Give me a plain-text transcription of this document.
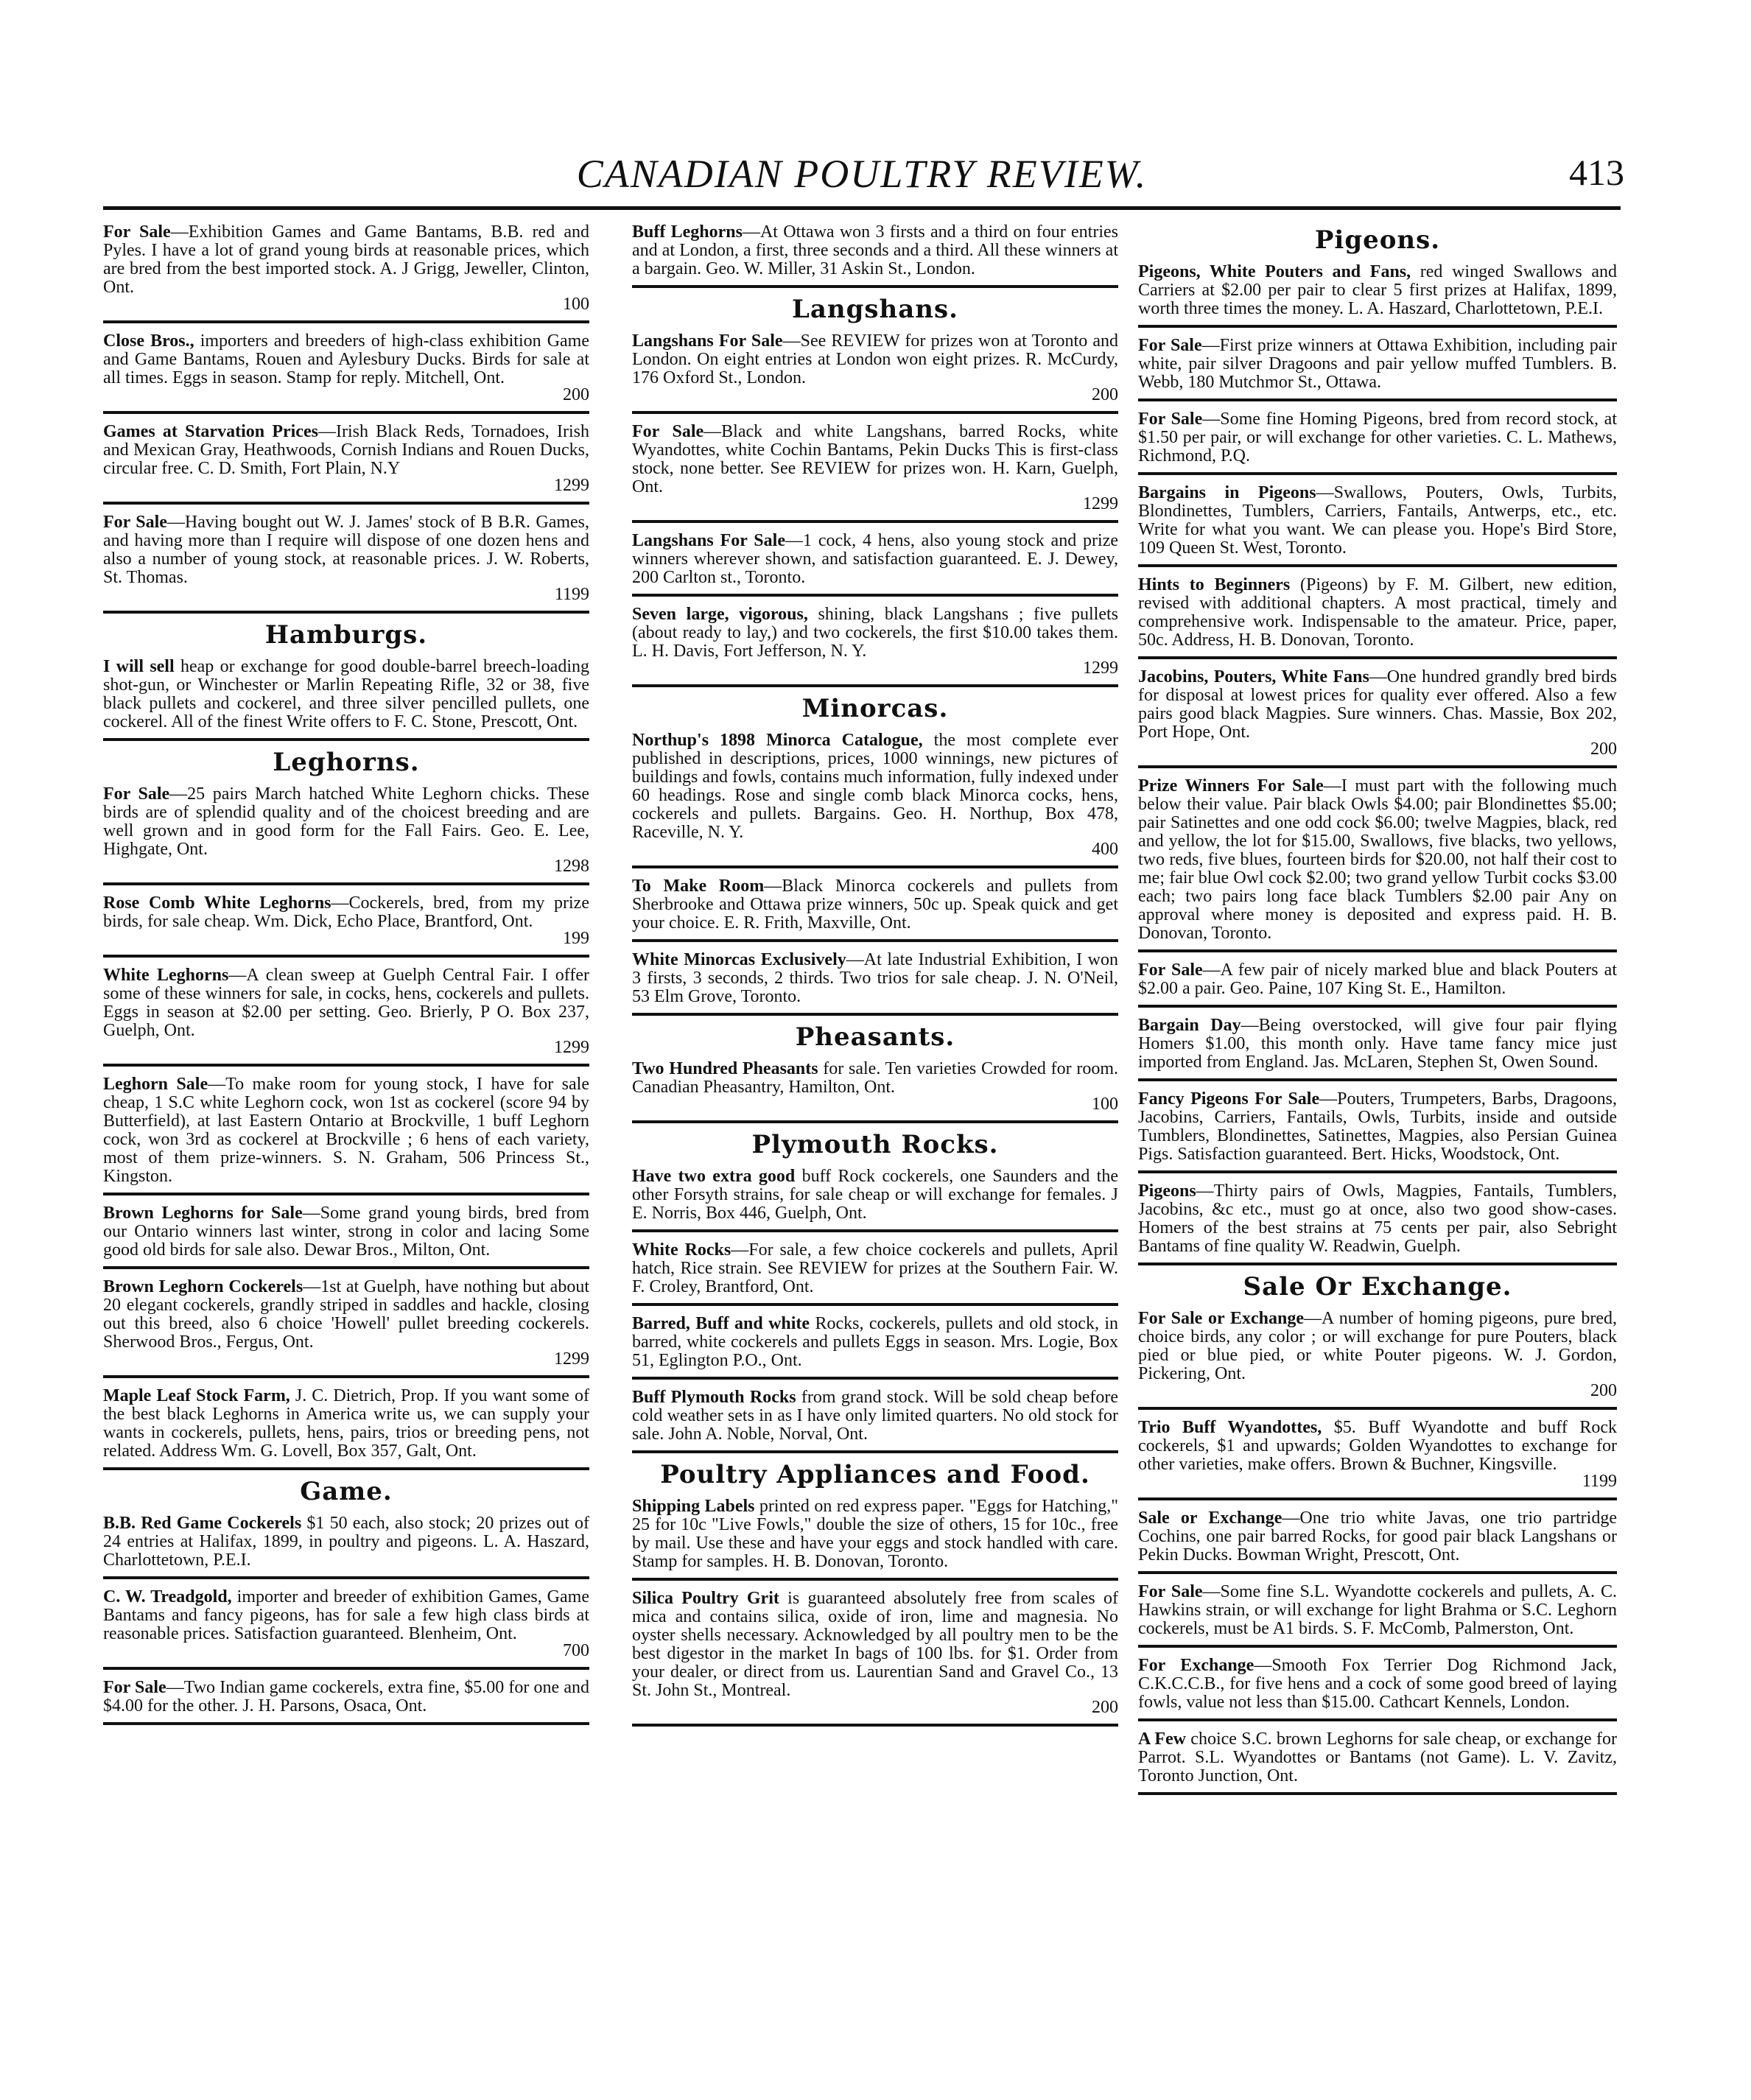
CANADIAN POULTRY REVIEW.	413
For Sale—Exhibition Games and Game Bantams, B.B. red and Pyles. I have a lot of grand young birds at reasonable prices, which are bred from the best imported stock. A. J Grigg, Jeweller, Clinton, Ont.
100
Close Bros., importers and breeders of high-class exhibition Game and Game Bantams, Rouen and Aylesbury Ducks. Birds for sale at all times. Eggs in season. Stamp for reply. Mitchell, Ont.
200
Games at Starvation Prices—Irish Black Reds, Tornadoes, Irish and Mexican Gray, Heathwoods, Cornish Indians and Rouen Ducks, circular free. C. D. Smith, Fort Plain, N.Y
1299
For Sale—Having bought out W. J. James' stock of B B.R. Games, and having more than I require will dispose of one dozen hens and also a number of young stock, at reasonable prices. J. W. Roberts, St. Thomas.
1199
Hamburgs.
I will sell heap or exchange for good double-barrel breech-loading shot-gun, or Winchester or Marlin Repeating Rifle, 32 or 38, five black pullets and cockerel, and three silver pencilled pullets, one cockerel. All of the finest Write offers to F. C. Stone, Prescott, Ont.
Leghorns.
For Sale—25 pairs March hatched White Leghorn chicks. These birds are of splendid quality and of the choicest breeding and are well grown and in good form for the Fall Fairs. Geo. E. Lee, Highgate, Ont.
1298
Rose Comb White Leghorns—Cockerels, bred, from my prize birds, for sale cheap. Wm. Dick, Echo Place, Brantford, Ont.
199
White Leghorns—A clean sweep at Guelph Central Fair. I offer some of these winners for sale, in cocks, hens, cockerels and pullets. Eggs in season at $2.00 per setting. Geo. Brierly, P O. Box 237, Guelph, Ont.
1299
Leghorn Sale—To make room for young stock, I have for sale cheap, 1 S.C white Leghorn cock, won 1st as cockerel (score 94 by Butterfield), at last Eastern Ontario at Brockville, 1 buff Leghorn cock, won 3rd as cockerel at Brockville ; 6 hens of each variety, most of them prize-winners. S. N. Graham, 506 Princess St., Kingston.
Brown Leghorns for Sale—Some grand young birds, bred from our Ontario winners last winter, strong in color and lacing Some good old birds for sale also. Dewar Bros., Milton, Ont.
Brown Leghorn Cockerels—1st at Guelph, have nothing but about 20 elegant cockerels, grandly striped in saddles and hackle, closing out this breed, also 6 choice 'Howell' pullet breeding cockerels. Sherwood Bros., Fergus, Ont.
1299
Maple Leaf Stock Farm, J. C. Dietrich, Prop. If you want some of the best black Leghorns in America write us, we can supply your wants in cockerels, pullets, hens, pairs, trios or breeding pens, not related. Address Wm. G. Lovell, Box 357, Galt, Ont.
Game.
B.B. Red Game Cockerels $1 50 each, also stock; 20 prizes out of 24 entries at Halifax, 1899, in poultry and pigeons. L. A. Haszard, Charlottetown, P.E.I.
C. W. Treadgold, importer and breeder of exhibition Games, Game Bantams and fancy pigeons, has for sale a few high class birds at reasonable prices. Satisfaction guaranteed. Blenheim, Ont.
700
For Sale—Two Indian game cockerels, extra fine, $5.00 for one and $4.00 for the other. J. H. Parsons, Osaca, Ont.
Buff Leghorns—At Ottawa won 3 firsts and a third on four entries and at London, a first, three seconds and a third. All these winners at a bargain. Geo. W. Miller, 31 Askin St., London.
Langshans.
Langshans For Sale—See REVIEW for prizes won at Toronto and London. On eight entries at London won eight prizes. R. McCurdy, 176 Oxford St., London.
200
For Sale—Black and white Langshans, barred Rocks, white Wyandottes, white Cochin Bantams, Pekin Ducks This is first-class stock, none better. See REVIEW for prizes won. H. Karn, Guelph, Ont.
1299
Langshans For Sale—1 cock, 4 hens, also young stock and prize winners wherever shown, and satisfaction guaranteed. E. J. Dewey, 200 Carlton st., Toronto.
Seven large, vigorous, shining, black Langshans ; five pullets (about ready to lay,) and two cockerels, the first $10.00 takes them. L. H. Davis, Fort Jefferson, N. Y.
1299
Minorcas.
Northup's 1898 Minorca Catalogue, the most complete ever published in descriptions, prices, 1000 winnings, new pictures of buildings and fowls, contains much information, fully indexed under 60 headings. Rose and single comb black Minorca cocks, hens, cockerels and pullets. Bargains. Geo. H. Northup, Box 478, Raceville, N. Y.
400
To Make Room—Black Minorca cockerels and pullets from Sherbrooke and Ottawa prize winners, 50c up. Speak quick and get your choice. E. R. Frith, Maxville, Ont.
White Minorcas Exclusively—At late Industrial Exhibition, I won 3 firsts, 3 seconds, 2 thirds. Two trios for sale cheap. J. N. O'Neil, 53 Elm Grove, Toronto.
Pheasants.
Two Hundred Pheasants for sale. Ten varieties Crowded for room. Canadian Pheasantry, Hamilton, Ont.
100
Plymouth Rocks.
Have two extra good buff Rock cockerels, one Saunders and the other Forsyth strains, for sale cheap or will exchange for females. J E. Norris, Box 446, Guelph, Ont.
White Rocks—For sale, a few choice cockerels and pullets, April hatch, Rice strain. See REVIEW for prizes at the Southern Fair. W. F. Croley, Brantford, Ont.
Barred, Buff and white Rocks, cockerels, pullets and old stock, in barred, white cockerels and pullets Eggs in season. Mrs. Logie, Box 51, Eglington P.O., Ont.
Buff Plymouth Rocks from grand stock. Will be sold cheap before cold weather sets in as I have only limited quarters. No old stock for sale. John A. Noble, Norval, Ont.
Poultry Appliances and Food.
Shipping Labels printed on red express paper. "Eggs for Hatching," 25 for 10c "Live Fowls," double the size of others, 15 for 10c., free by mail. Use these and have your eggs and stock handled with care. Stamp for samples. H. B. Donovan, Toronto.
Silica Poultry Grit is guaranteed absolutely free from scales of mica and contains silica, oxide of iron, lime and magnesia. No oyster shells necessary. Acknowledged by all poultry men to be the best digestor in the market In bags of 100 lbs. for $1. Order from your dealer, or direct from us. Laurentian Sand and Gravel Co., 13 St. John St., Montreal.
200
Pigeons.
Pigeons, White Pouters and Fans, red winged Swallows and Carriers at $2.00 per pair to clear 5 first prizes at Halifax, 1899, worth three times the money. L. A. Haszard, Charlottetown, P.E.I.
For Sale—First prize winners at Ottawa Exhibition, including pair white, pair silver Dragoons and pair yellow muffed Tumblers. B. Webb, 180 Mutchmor St., Ottawa.
For Sale—Some fine Homing Pigeons, bred from record stock, at $1.50 per pair, or will exchange for other varieties. C. L. Mathews, Richmond, P.Q.
Bargains in Pigeons—Swallows, Pouters, Owls, Turbits, Blondinettes, Tumblers, Carriers, Fantails, Antwerps, etc., etc. Write for what you want. We can please you. Hope's Bird Store, 109 Queen St. West, Toronto.
Hints to Beginners (Pigeons) by F. M. Gilbert, new edition, revised with additional chapters. A most practical, timely and comprehensive work. Indispensable to the amateur. Price, paper, 50c. Address, H. B. Donovan, Toronto.
Jacobins, Pouters, White Fans—One hundred grandly bred birds for disposal at lowest prices for quality ever offered. Also a few pairs good black Magpies. Sure winners. Chas. Massie, Box 202, Port Hope, Ont.
200
Prize Winners For Sale—I must part with the following much below their value. Pair black Owls $4.00; pair Blondinettes $5.00; pair Satinettes and one odd cock $6.00; twelve Magpies, black, red and yellow, the lot for $15.00, Swallows, five blacks, two yellows, two reds, five blues, fourteen birds for $20.00, not half their cost to me; fair blue Owl cock $2.00; two grand yellow Turbit cocks $3.00 each; two pairs long face black Tumblers $2.00 pair Any on approval where money is deposited and express paid. H. B. Donovan, Toronto.
For Sale—A few pair of nicely marked blue and black Pouters at $2.00 a pair. Geo. Paine, 107 King St. E., Hamilton.
Bargain Day—Being overstocked, will give four pair flying Homers $1.00, this month only. Have tame fancy mice just imported from England. Jas. McLaren, Stephen St, Owen Sound.
Fancy Pigeons For Sale—Pouters, Trumpeters, Barbs, Dragoons, Jacobins, Carriers, Fantails, Owls, Turbits, inside and outside Tumblers, Blondinettes, Satinettes, Magpies, also Persian Guinea Pigs. Satisfaction guaranteed. Bert. Hicks, Woodstock, Ont.
Pigeons—Thirty pairs of Owls, Magpies, Fantails, Tumblers, Jacobins, &c etc., must go at once, also two good show-cases. Homers of the best strains at 75 cents per pair, also Sebright Bantams of fine quality W. Readwin, Guelph.
Sale Or Exchange.
For Sale or Exchange—A number of homing pigeons, pure bred, choice birds, any color ; or will exchange for pure Pouters, black pied or blue pied, or white Pouter pigeons. W. J. Gordon, Pickering, Ont.
200
Trio Buff Wyandottes, $5. Buff Wyandotte and buff Rock cockerels, $1 and upwards; Golden Wyandottes to exchange for other varieties, make offers. Brown & Buchner, Kingsville.
1199
Sale or Exchange—One trio white Javas, one trio partridge Cochins, one pair barred Rocks, for good pair black Langshans or Pekin Ducks. Bowman Wright, Prescott, Ont.
For Sale—Some fine S.L. Wyandotte cockerels and pullets, A. C. Hawkins strain, or will exchange for light Brahma or S.C. Leghorn cockerels, must be A1 birds. S. F. McComb, Palmerston, Ont.
For Exchange—Smooth Fox Terrier Dog Richmond Jack, C.K.C.C.B., for five hens and a cock of some good breed of laying fowls, value not less than $15.00. Cathcart Kennels, London.
A Few choice S.C. brown Leghorns for sale cheap, or exchange for Parrot. S.L. Wyandottes or Bantams (not Game). L. V. Zavitz, Toronto Junction, Ont.
